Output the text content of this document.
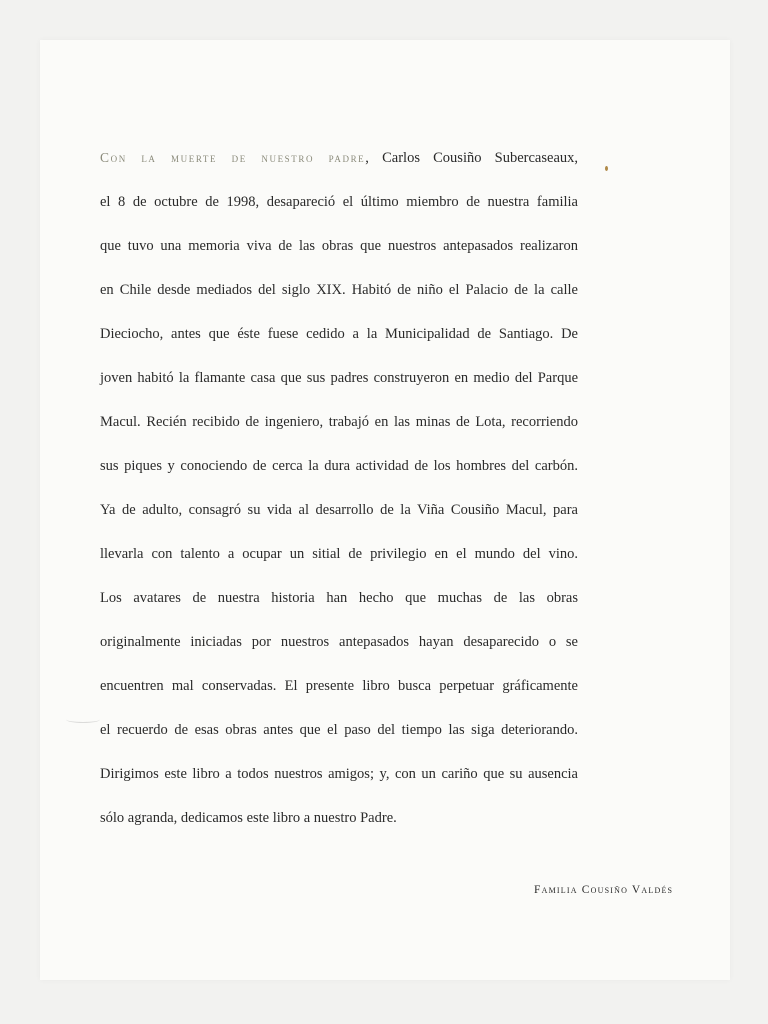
Con la muerte de nuestro padre, Carlos Cousiño Subercaseaux,
el 8 de octubre de 1998, desapareció el último miembro de nuestra familia
que tuvo una memoria viva de las obras que nuestros antepasados realizaron
en Chile desde mediados del siglo XIX. Habitó de niño el Palacio de la calle
Dieciocho, antes que éste fuese cedido a la Municipalidad de Santiago. De
joven habitó la flamante casa que sus padres construyeron en medio del Parque
Macul. Recién recibido de ingeniero, trabajó en las minas de Lota, recorriendo
sus piques y conociendo de cerca la dura actividad de los hombres del carbón.
Ya de adulto, consagró su vida al desarrollo de la Viña Cousiño Macul, para
llevarla con talento a ocupar un sitial de privilegio en el mundo del vino.
Los avatares de nuestra historia han hecho que muchas de las obras
originalmente iniciadas por nuestros antepasados hayan desaparecido o se
encuentren mal conservadas. El presente libro busca perpetuar gráficamente
el recuerdo de esas obras antes que el paso del tiempo las siga deteriorando.
Dirigimos este libro a todos nuestros amigos; y, con un cariño que su ausencia
sólo agranda, dedicamos este libro a nuestro Padre.
Familia Cousiño Valdés
